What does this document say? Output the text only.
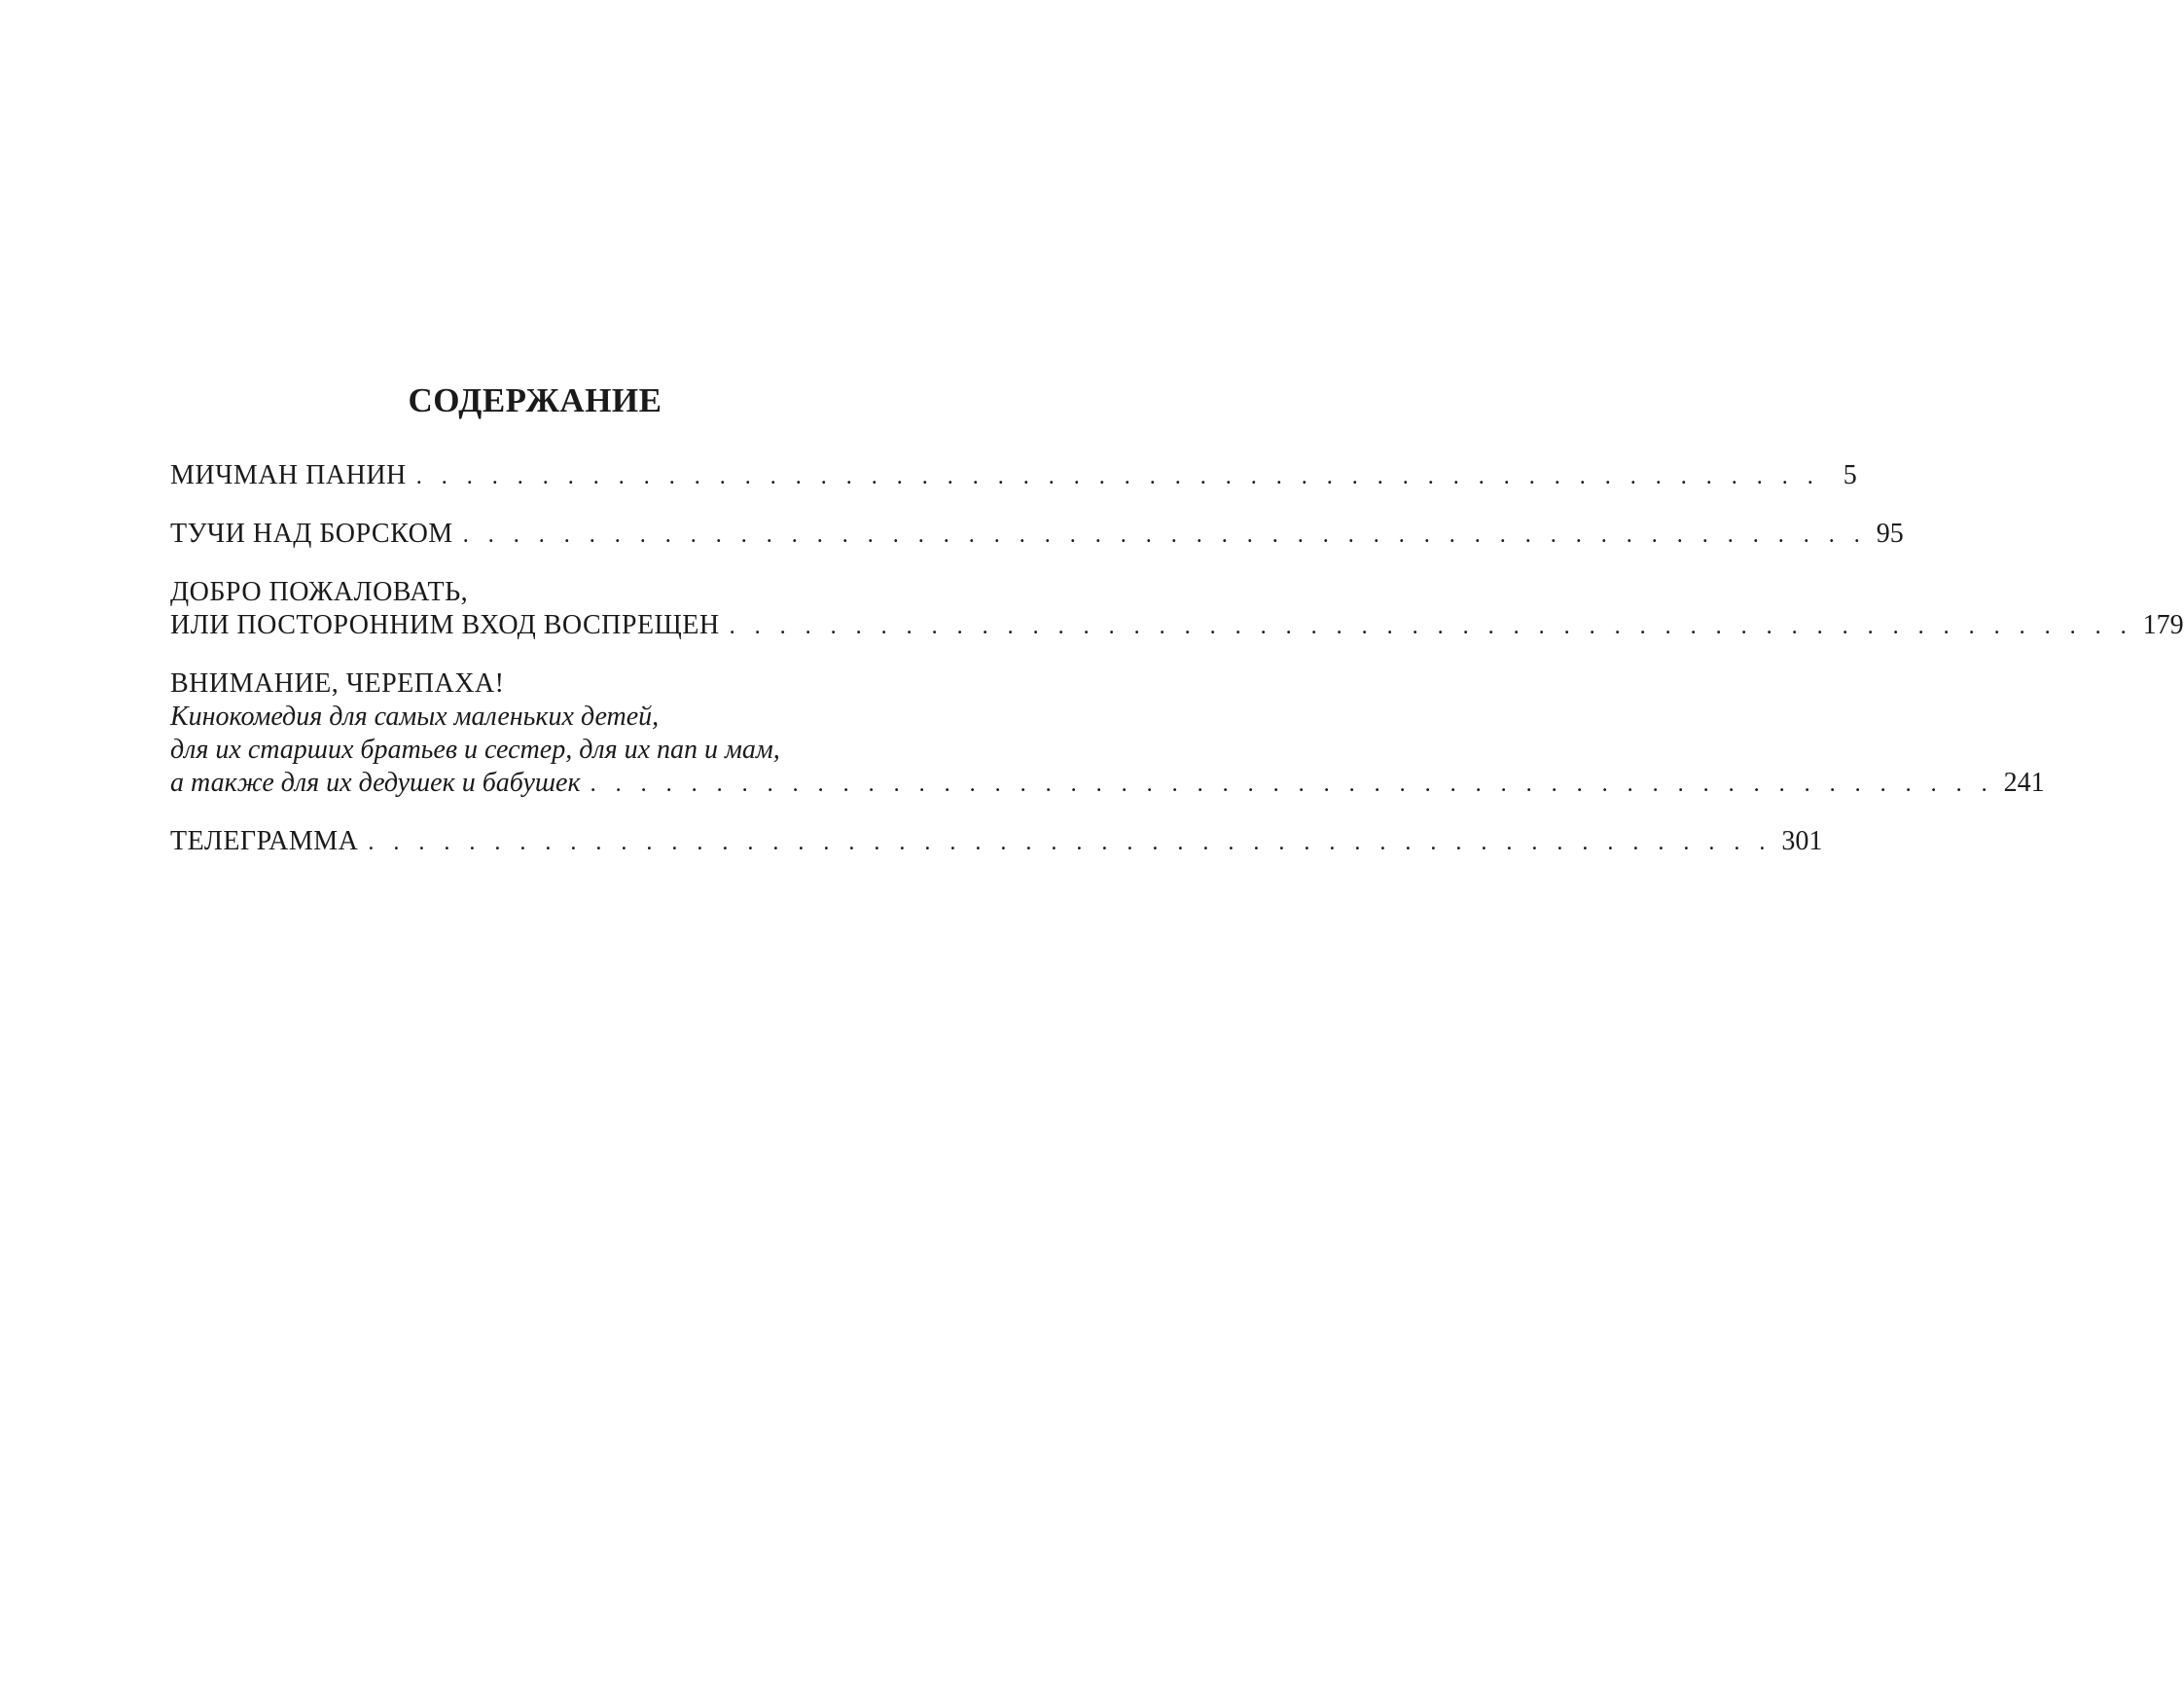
СОДЕРЖАНИЕ
МИЧМАН ПАНИН . . . . . . . . . . . . . . . . . . . . . . . . . . . . . . . . . . . . . . . . . . . . . . . . . . . . . . . . 5
ТУЧИ НАД БОРСКОМ . . . . . . . . . . . . . . . . . . . . . . . . . . . . . . . . . . . . . . . . . . . . . . . . . . . . . . . . 95
ДОБРО ПОЖАЛОВАТЬ,
ИЛИ ПОСТОРОННИМ ВХОД ВОСПРЕЩЕН . . . . . . . . . . . . . . . . . . . . . . . . . . . . . . . . . . . . . . . . . . . . . . . . . . . . . . . . 179
ВНИМАНИЕ, ЧЕРЕПАХА!
Кинокомедия для самых маленьких детей,
для их старших братьев и сестер, для их пап и мам,
а также для их дедушек и бабушек . . . . . . . . . . . . . . . . . . . . . . . . . . . . . . . . . . . . . . . . . . . . . . . . . . . . . . . . 241
ТЕЛЕГРАММА . . . . . . . . . . . . . . . . . . . . . . . . . . . . . . . . . . . . . . . . . . . . . . . . . . . . . . . . 301
